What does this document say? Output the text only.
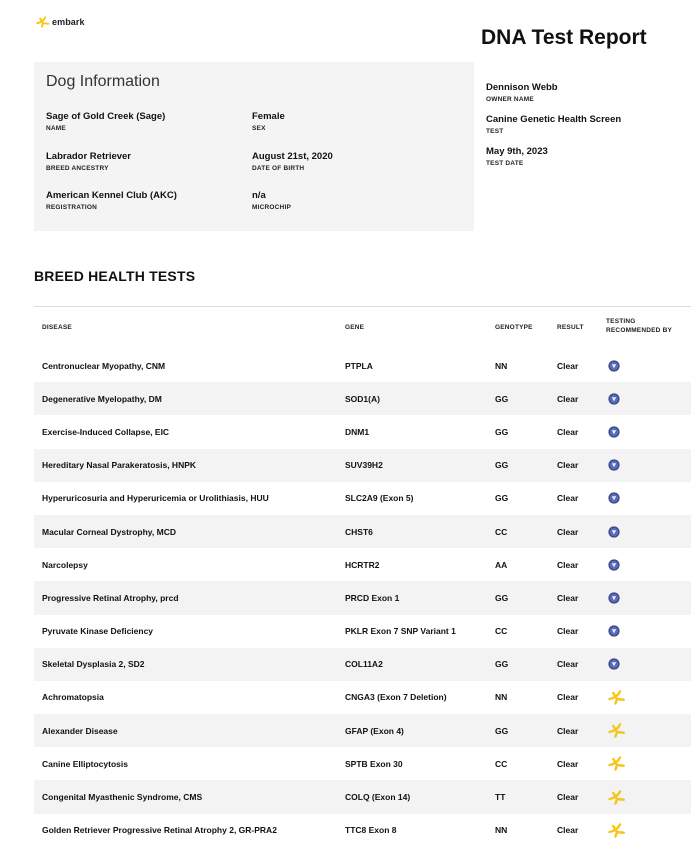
embark
DNA Test Report
Dog Information
Sage of Gold Creek (Sage)
NAME
Female
SEX
Labrador Retriever
BREED ANCESTRY
August 21st, 2020
DATE OF BIRTH
American Kennel Club (AKC)
REGISTRATION
n/a
MICROCHIP
Dennison Webb
OWNER NAME
Canine Genetic Health Screen
TEST
May 9th, 2023
TEST DATE
BREED HEALTH TESTS
DISEASE	GENE	GENOTYPE	RESULT
TESTING
RECOMMENDED BY
Centronuclear Myopathy, CNM	PTPLA	NN	Clear
Degenerative Myelopathy, DM	SOD1(A)	GG	Clear
Exercise-Induced Collapse, EIC	DNM1	GG	Clear
Hereditary Nasal Parakeratosis, HNPK	SUV39H2	GG	Clear
Hyperuricosuria and Hyperuricemia or Urolithiasis, HUU	SLC2A9 (Exon 5)	GG	Clear
Macular Corneal Dystrophy, MCD	CHST6	CC	Clear
Narcolepsy	HCRTR2	AA	Clear
Progressive Retinal Atrophy, prcd	PRCD Exon 1	GG	Clear
Pyruvate Kinase Deficiency	PKLR Exon 7 SNP Variant 1	CC	Clear
Skeletal Dysplasia 2, SD2	COL11A2	GG	Clear
Achromatopsia	CNGA3 (Exon 7 Deletion)	NN	Clear
Alexander Disease	GFAP (Exon 4)	GG	Clear
Canine Elliptocytosis	SPTB Exon 30	CC	Clear
Congenital Myasthenic Syndrome, CMS	COLQ (Exon 14)	TT	Clear
Golden Retriever Progressive Retinal Atrophy 2, GR-PRA2	TTC8 Exon 8	NN	Clear
